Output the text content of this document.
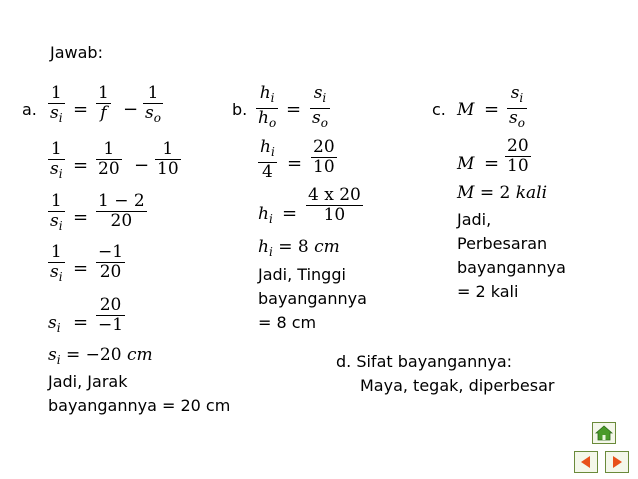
Jawab:
a.
1
$s_i$ =
1
f −
1
$s_o$
1
$s_i$ =
1
20 −
1
10
1
$s_i$ =
1 − 2
20
1
$s_i$ =
−1
20
$s_i$ =
20
−1
$s_i = -20$ cm
Jadi, Jarak
bayangannya = 20 cm
b.
$h_i$
$h_o$
=
$s_i$
$s_o$
$h_i$
4 =
20
10
$h_i$ =
4 x 20
10
$h_i = 8$ cm
Jadi, Tinggi
bayangannya
= 8 cm
c. M =
$s_i$
$s_o$
M =
20
10
M = 2 kali
Jadi,
Perbesaran
bayangannya
= 2 kali
d. Sifat bayangannya:
Maya, tegak, diperbesar
